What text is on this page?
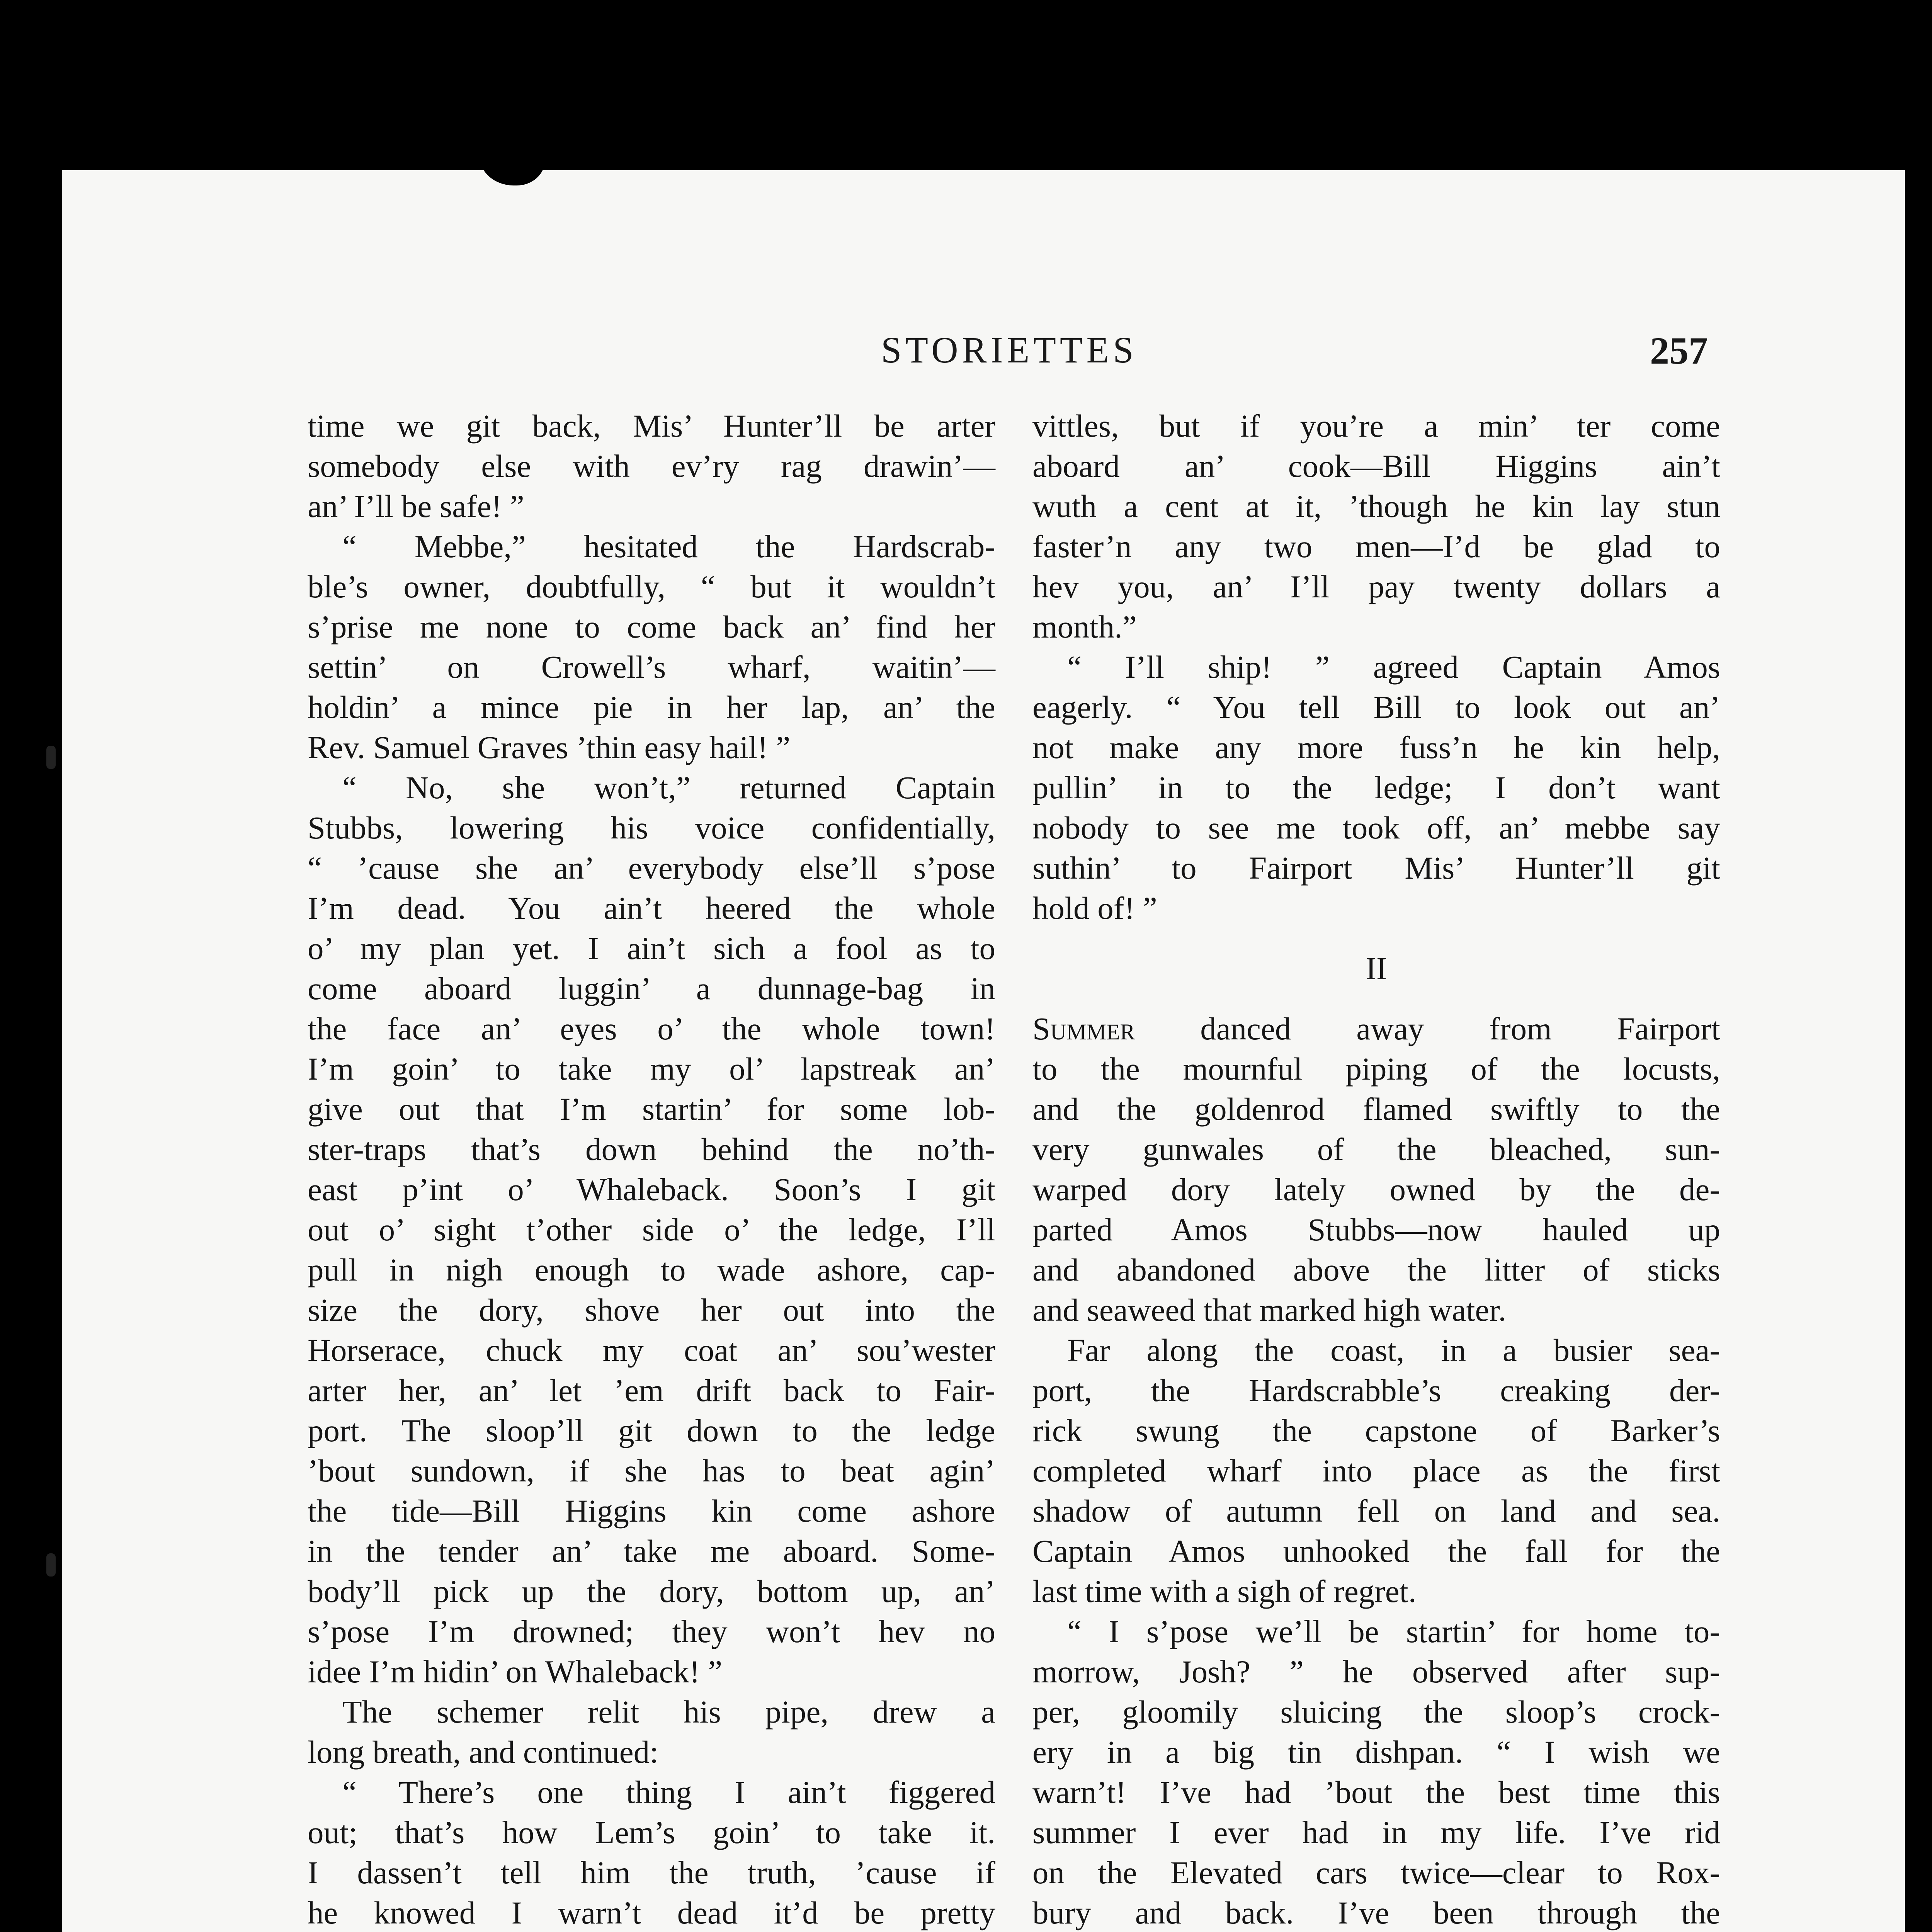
STORIETTES	257
time we git back, Mis’ Hunter’ll be arter
somebody else with ev’ry rag drawin’—
an’ I’ll be safe! ”
“ Mebbe,” hesitated the Hardscrab-
ble’s owner, doubtfully, “ but it wouldn’t
s’prise me none to come back an’ find her
settin’ on Crowell’s wharf, waitin’—
holdin’ a mince pie in her lap, an’ the
Rev. Samuel Graves ’thin easy hail! ”
“ No, she won’t,” returned Captain
Stubbs, lowering his voice confidentially,
“ ’cause she an’ everybody else’ll s’pose
I’m dead. You ain’t heered the whole
o’ my plan yet. I ain’t sich a fool as to
come aboard luggin’ a dunnage-bag in
the face an’ eyes o’ the whole town!
I’m goin’ to take my ol’ lapstreak an’
give out that I’m startin’ for some lob-
ster-traps that’s down behind the no’th-
east p’int o’ Whaleback. Soon’s I git
out o’ sight t’other side o’ the ledge, I’ll
pull in nigh enough to wade ashore, cap-
size the dory, shove her out into the
Horserace, chuck my coat an’ sou’wester
arter her, an’ let ’em drift back to Fair-
port. The sloop’ll git down to the ledge
’bout sundown, if she has to beat agin’
the tide—Bill Higgins kin come ashore
in the tender an’ take me aboard. Some-
body’ll pick up the dory, bottom up, an’
s’pose I’m drowned; they won’t hev no
idee I’m hidin’ on Whaleback! ”
The schemer relit his pipe, drew a
long breath, and continued:
“ There’s one thing I ain’t figgered
out; that’s how Lem’s goin’ to take it.
I dassen’t tell him the truth, ’cause if
he knowed I warn’t dead it’d be pretty
vittles, but if you’re a min’ ter come
aboard an’ cook—Bill Higgins ain’t
wuth a cent at it, ’though he kin lay stun
faster’n any two men—I’d be glad to
hev you, an’ I’ll pay twenty dollars a
month.”
“ I’ll ship! ” agreed Captain Amos
eagerly. “ You tell Bill to look out an’
not make any more fuss’n he kin help,
pullin’ in to the ledge; I don’t want
nobody to see me took off, an’ mebbe say
suthin’ to Fairport Mis’ Hunter’ll git
hold of! ”
II
Summer danced away from Fairport
to the mournful piping of the locusts,
and the goldenrod flamed swiftly to the
very gunwales of the bleached, sun-
warped dory lately owned by the de-
parted Amos Stubbs—now hauled up
and abandoned above the litter of sticks
and seaweed that marked high water.
Far along the coast, in a busier sea-
port, the Hardscrabble’s creaking der-
rick swung the capstone of Barker’s
completed wharf into place as the first
shadow of autumn fell on land and sea.
Captain Amos unhooked the fall for the
last time with a sigh of regret.
“ I s’pose we’ll be startin’ for home to-
morrow, Josh? ” he observed after sup-
per, gloomily sluicing the sloop’s crock-
ery in a big tin dishpan. “ I wish we
warn’t! I’ve had ’bout the best time this
summer I ever had in my life. I’ve rid
on the Elevated cars twice—clear to Rox-
bury and back. I’ve been through the
